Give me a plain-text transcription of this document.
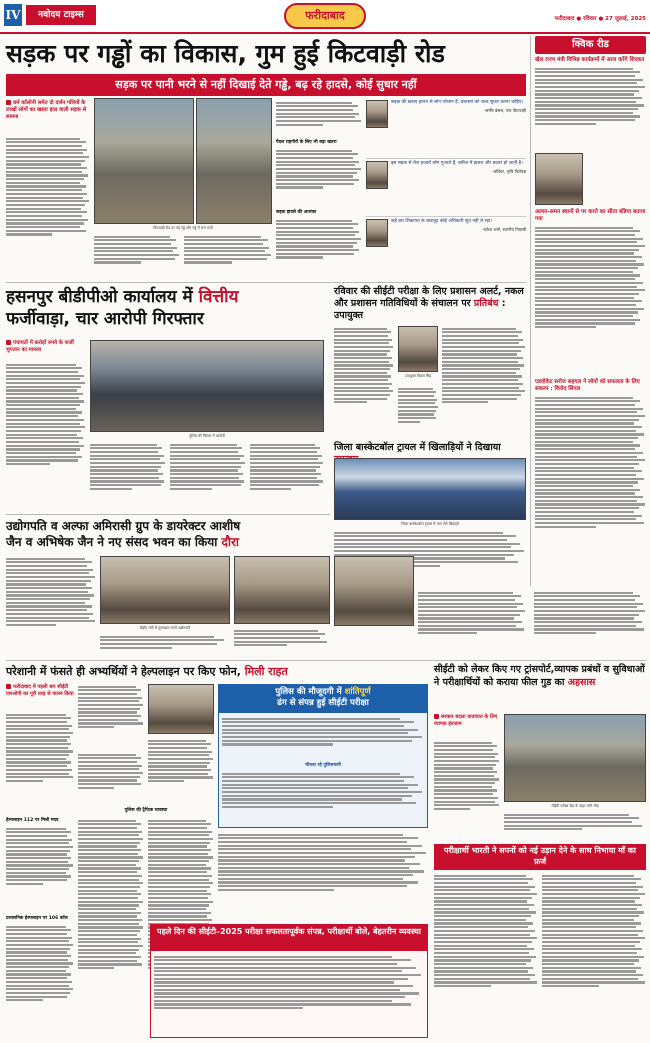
IV	नवोदय टाइम्स	फरीदाबाद	फरीदाबाद ● रविवार ● 27 जुलाई, 2025
सड़क पर गड्ढों का विकास, गुम हुई किटवाड़ी रोड
सड़क पर पानी भरने से नहीं दिखाई देते गड्ढे, बढ़ रहे हादसे, कोई सुधार नहीं
क्विक रीड
खेल राज्य मंत्री विभिन्न कार्यक्रमों में आज करेंगे शिरकत
अल्फा-अमन स्थानों से पर करते का सीता बंडिया बताया गया
एडवोकेट सरोज सहगल ने लोगों को सफलता के लिए संकल्प : विनोद सिंगल
धर्म कॉलोनी समेत दो दर्जन गलियों के लाखों लोगों का खस्ता हाल वाली सड़क से सामना
किटवाड़ी रोड पर पड़े गड्ढे और गड्ढे में भरा पानी
पैदल राहगीरों के लिए भी बड़ा खतरा
सड़क हादसे की आशंका
सड़क की खराब हालत से लोग परेशान हैं, प्रशासन को जल्द सुधार करना चाहिए।
-समीर बंसल, गांव किटवाड़ी
इस सड़क से रोज हजारों लोग गुजरते हैं, बारिश में हालत और बदतर हो जाती है।
-बलिंदर, कृषि विशेषज्ञ
कई बार शिकायत के बावजूद कोई अधिकारी सुध नहीं ले रहा।
-राकेश शर्मा, स्थानीय निवासी
हसनपुर बीडीपीओ कार्यालय में वित्तीय
फर्जीवाड़ा, चार आरोपी गिरफ्तार
पंचायतों में करोड़ों रुपये के फर्जी भुगतान का मामला
पुलिस की गिरफ्त में आरोपी
रविवार की सीईटी परीक्षा के लिए प्रशासन अलर्ट, नकल और प्रशासन गतिविधियों के संचालन पर प्रतिबंध : उपायुक्त
उपायुक्त विक्रम सिंह
जिला बास्केटबॉल ट्रायल में खिलाड़ियों ने दिखाया
जिला बास्केटबॉल ट्रायल में भाग लेते खिलाड़ी
उद्योगपति व अल्फा अमिरासी ग्रुप के डायरेक्टर आशीष
जैन व अभिषेक जैन ने नए संसद भवन का किया दौरा
केंद्रीय मंत्री से मुलाकात करते उद्योगपति
परेशानी में फंसते ही अभ्यर्थियों ने हेल्पलाइन पर किए फोन, मिली राहत
फरीदाबाद में पहली बार सीईटी एसओपी का पूरी तरह से पालन किया
हेल्पलाइन 112 पर मिली मदद
प्रशासनिक हेल्पलाइन पर 106 कॉल
पुलिस की ट्रैफिक व्यवस्था
पुलिस की मौजूदगी में शांतिपूर्ण
ढंग से संपन्न हुई सीईटी परीक्षा
चौकस रहे पुलिसकर्मी
पहले दिन की सीईटी–2025 परीक्षा सफलतापूर्वक संपन्न, परीक्षार्थी बोले, बेहतरीन व्यवस्था
सीईटी को लेकर किए गए ट्रांसपोर्ट,व्यापक प्रबंधों व सुविधाओं ने परीक्षार्थियों को कराया फील गुड का अहसास
सरकार बदला यातायात के लिए व्यापक इंतजाम
सीईटी परीक्षा केंद्र के बाहर लगी भीड़
परीक्षार्थी भारती ने सपनों को नई उड़ान देने के साथ निभाया माँ का फ़र्ज
